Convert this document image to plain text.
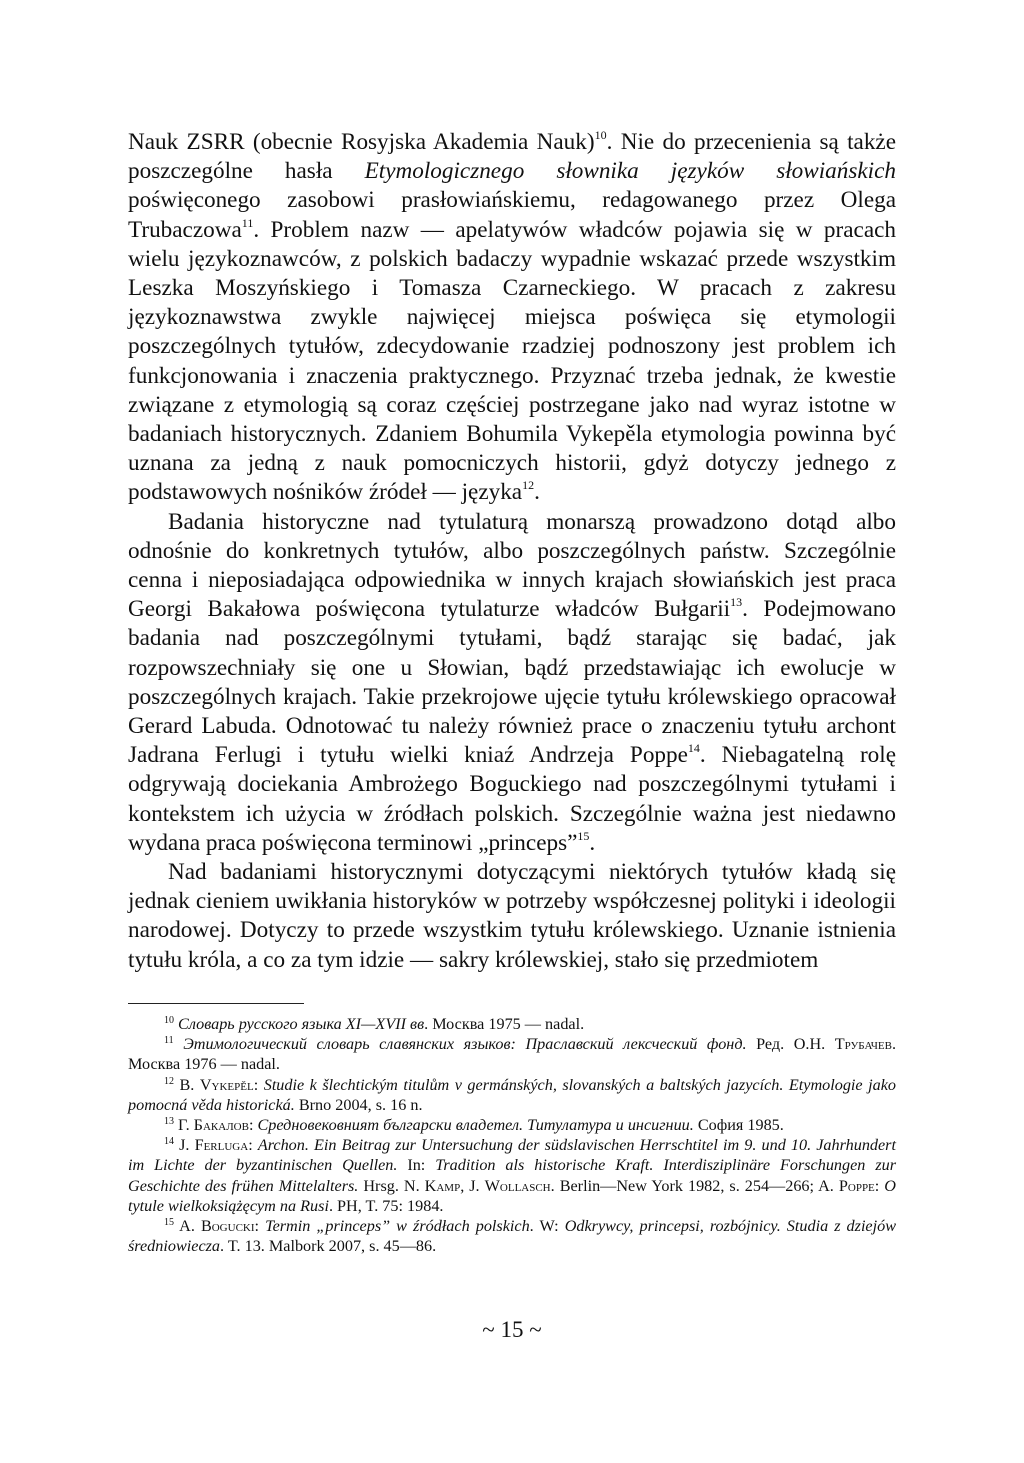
Nauk ZSRR (obecnie Rosyjska Akademia Nauk)$^{10}$. Nie do przecenienia są także poszczególne hasła Etymologicznego słownika języków słowiańskich poświęconego zasobowi prasłowiańskiemu, redagowanego przez Olega Trubaczowa$^{11}$. Problem nazw — apelatywów władców pojawia się w pracach wielu językoznawców, z polskich badaczy wypadnie wskazać przede wszystkim Leszka Moszyńskiego i Tomasza Czarneckiego. W pracach z zakresu językoznawstwa zwykle najwięcej miejsca poświęca się etymologii poszczególnych tytułów, zdecydowanie rzadziej podnoszony jest problem ich funkcjonowania i znaczenia praktycznego. Przyznać trzeba jednak, że kwestie związane z etymologią są coraz częściej postrzegane jako nad wyraz istotne w badaniach historycznych. Zdaniem Bohumila Vykepěla etymologia powinna być uznana za jedną z nauk pomocniczych historii, gdyż dotyczy jednego z podstawowych nośników źródeł — języka$^{12}$.

Badania historyczne nad tytulaturą monarszą prowadzono dotąd albo odnośnie do konkretnych tytułów, albo poszczególnych państw. Szczególnie cenna i nieposiadająca odpowiednika w innych krajach słowiańskich jest praca Georgi Bakałowa poświęcona tytulaturze władców Bułgarii$^{13}$. Podejmowano badania nad poszczególnymi tytułami, bądź starając się badać, jak rozpowszechniały się one u Słowian, bądź przedstawiając ich ewolucje w poszczególnych krajach. Takie przekrojowe ujęcie tytułu królewskiego opracował Gerard Labuda. Odnotować tu należy również prace o znaczeniu tytułu archont Jadrana Ferlugi i tytułu wielki kniaź Andrzeja Poppe$^{14}$. Niebagatelną rolę odgrywają dociekania Ambrożego Boguckiego nad poszczególnymi tytułami i kontekstem ich użycia w źródłach polskich. Szczególnie ważna jest niedawno wydana praca poświęcona terminowi „princeps”$^{15}$.

Nad badaniami historycznymi dotyczącymi niektórych tytułów kładą się jednak cieniem uwikłania historyków w potrzeby współczesnej polityki i ideologii narodowej. Dotyczy to przede wszystkim tytułu królewskiego. Uznanie istnienia tytułu króla, a co za tym idzie — sakry królewskiej, stało się przedmiotem

$^{10}$ Словарь русского языка XI—XVII вв. Москва 1975 — nadal.

$^{11}$ Этимологический словарь славянских языков: Праславский лексческий фонд. Ред. О.Н. Трубачев. Москва 1976 — nadal.

$^{12}$ B. Vykepěl: Studie k šlechtickým titulům v germánských, slovanských a baltských jazycích. Etymologie jako pomocná věda historická. Brno 2004, s. 16 n.

$^{13}$ Г. Бакалов: Средновековният български владетел. Титулатура и инсигнии. София 1985.

$^{14}$ J. Ferluga: Archon. Ein Beitrag zur Untersuchung der südslavischen Herrschtitel im 9. und 10. Jahrhundert im Lichte der byzantinischen Quellen. In: Tradition als historische Kraft. Interdisziplinäre Forschungen zur Geschichte des frühen Mittelalters. Hrsg. N. Kamp, J. Wollasch. Berlin—New York 1982, s. 254—266; A. Poppe: O tytule wielkoksiążęcym na Rusi. PH, T. 75: 1984.

$^{15}$ A. Bogucki: Termin „princeps” w źródłach polskich. W: Odkrywcy, princepsi, rozbójnicy. Studia z dziejów średniowiecza. T. 13. Malbork 2007, s. 45—86.

~ 15 ~
